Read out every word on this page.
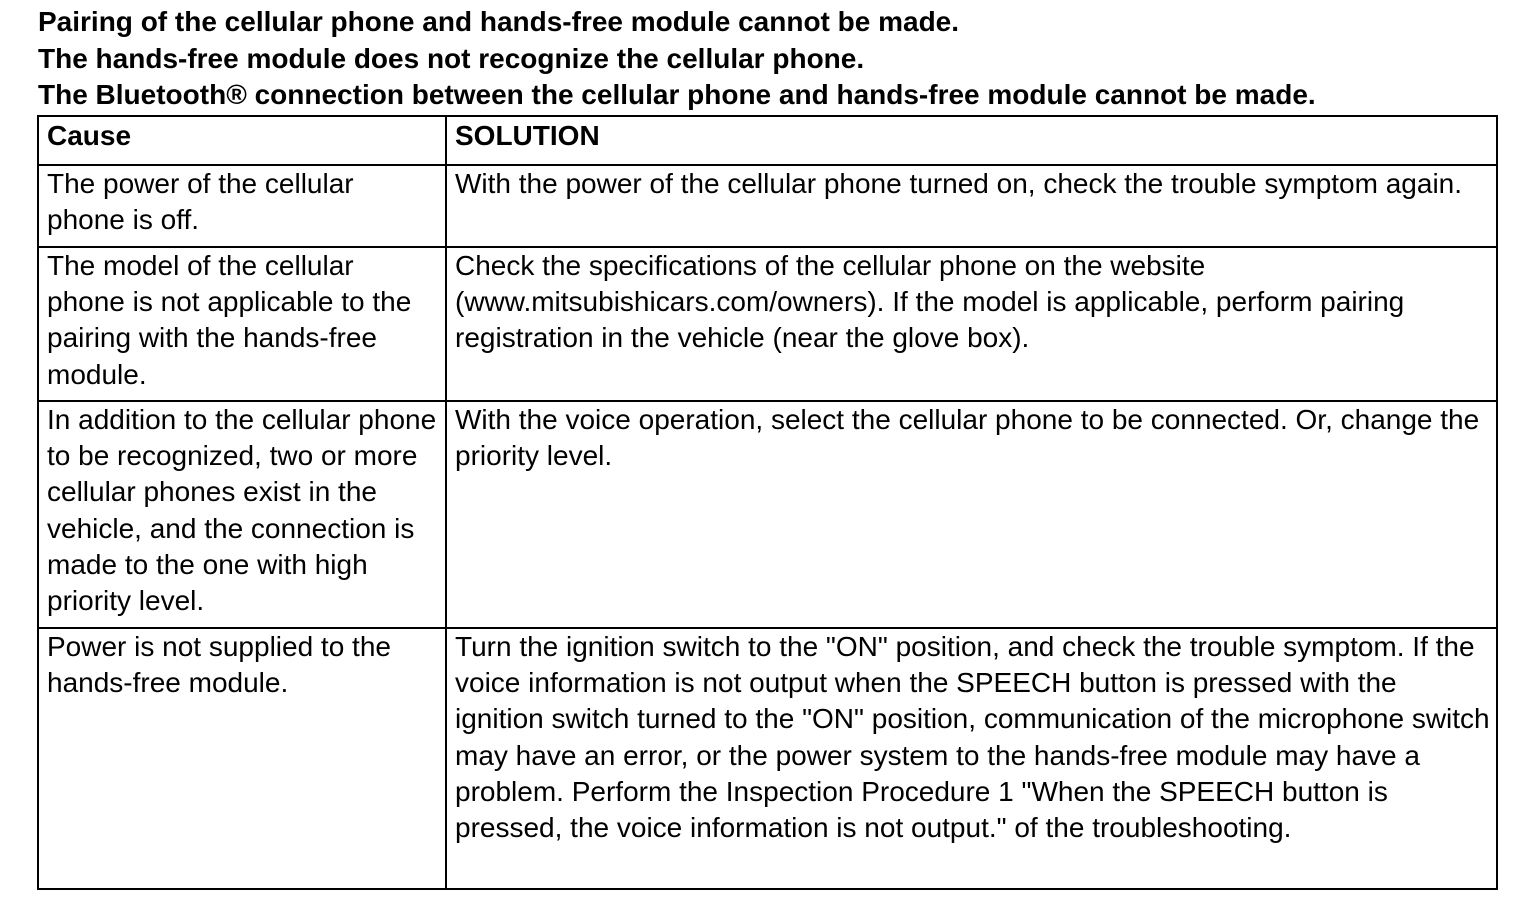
Pairing of the cellular phone and hands-free module cannot be made.
The hands-free module does not recognize the cellular phone.
The Bluetooth® connection between the cellular phone and hands-free module cannot be made.
Cause	SOLUTION
The power of the cellular phone is off.	With the power of the cellular phone turned on, check the trouble symptom again.
The model of the cellular phone is not applicable to the pairing with the hands-free module.	Check the specifications of the cellular phone on the website (www.mitsubishicars.com/owners). If the model is applicable, perform pairing registration in the vehicle (near the glove box).
In addition to the cellular phone to be recognized, two or more cellular phones exist in the vehicle, and the connection is made to the one with high priority level.	With the voice operation, select the cellular phone to be connected. Or, change the priority level.
Power is not supplied to the hands-free module.	Turn the ignition switch to the "ON" position, and check the trouble symptom. If the voice information is not output when the SPEECH button is pressed with the ignition switch turned to the "ON" position, communication of the microphone switch may have an error, or the power system to the hands-free module may have a problem. Perform the Inspection Procedure 1 "When the SPEECH button is pressed, the voice information is not output." of the troubleshooting.
